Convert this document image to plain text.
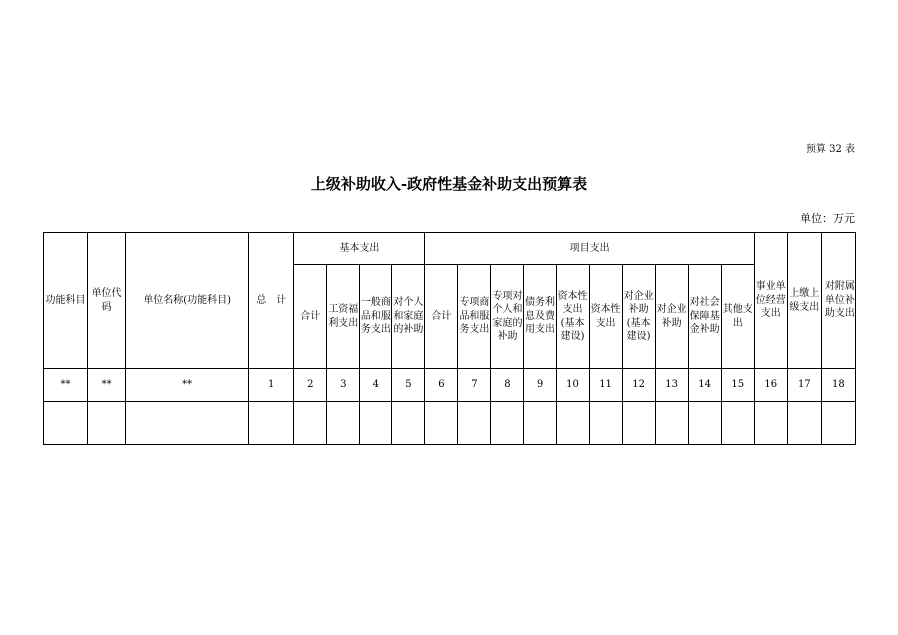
预算 32 表
上级补助收入-政府性基金补助支出预算表
单位：万元
功能科目	单位代码	单位名称(功能科目)	总　计	基本支出				项目支出										事业单位经营支出	上缴上级支出	对附属单位补助支出
				合计	工资福利支出	一般商品和服务支出	对个人和家庭的补助	合计	专项商品和服务支出	专项对个人和家庭的补助	债务利息及费用支出	资本性支出(基本建设)	资本性支出	对企业补助(基本建设)	对企业补助	对社会保障基金补助	其他支出			
**	**	**	1	2	3	4	5	6	7	8	9	10	11	12	13	14	15	16	17	18
